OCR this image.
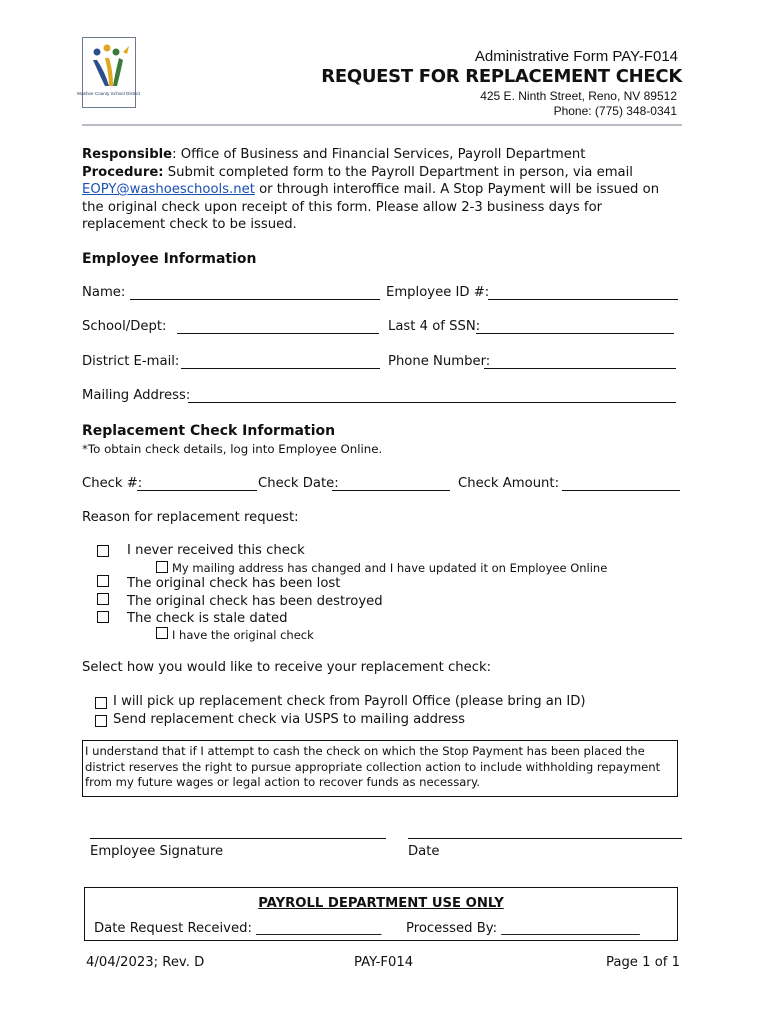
Washoe County School District
Administrative Form PAY-F014
REQUEST FOR REPLACEMENT CHECK
425 E. Ninth Street, Reno, NV 89512
Phone: (775) 348-0341
Responsible: Office of Business and Financial Services, Payroll Department
Procedure: Submit completed form to the Payroll Department in person, via email
EOPY@washoeschools.net or through interoffice mail. A Stop Payment will be issued on the original check upon receipt of this form. Please allow 2-3 business days for replacement check to be issued.
Employee Information
Name:	Employee ID #:
School/Dept:	Last 4 of SSN:
District E-mail:	Phone Number:
Mailing Address:
Replacement Check Information
*To obtain check details, log into Employee Online.
Check #:	Check Date:	Check Amount:
Reason for replacement request:
I never received this check
My mailing address has changed and I have updated it on Employee Online
The original check has been lost
The original check has been destroyed
The check is stale dated
I have the original check
Select how you would like to receive your replacement check:
I will pick up replacement check from Payroll Office (please bring an ID)
Send replacement check via USPS to mailing address
I understand that if I attempt to cash the check on which the Stop Payment has been placed the district reserves the right to pursue appropriate collection action to include withholding repayment from my future wages or legal action to recover funds as necessary.
Employee Signature	Date
PAYROLL DEPARTMENT USE ONLY
Date Request Received: ___________________ Processed By: _____________________
4/04/2023; Rev. D	PAY-F014	Page 1 of 1
